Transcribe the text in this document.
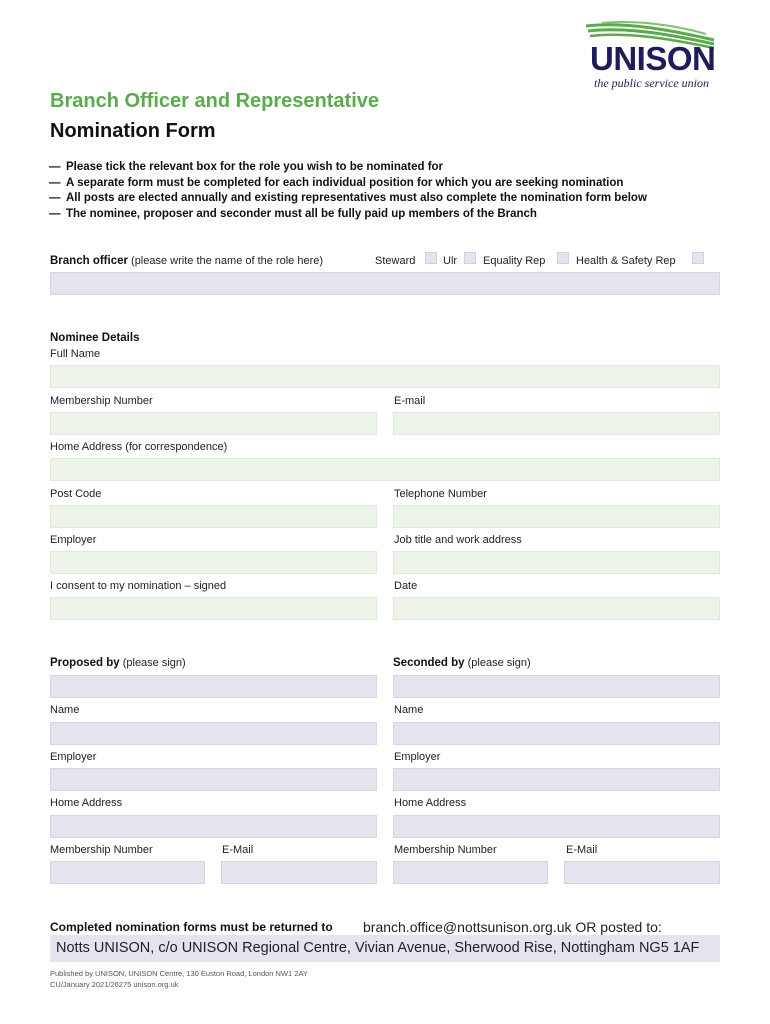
UNISON
the public service union
Branch Officer and Representative
Nomination Form
— Please tick the relevant box for the role you wish to be nominated for
— A separate form must be completed for each individual position for which you are seeking nomination
— All posts are elected annually and existing representatives must also complete the nomination form below
— The nominee, proposer and seconder must all be fully paid up members of the Branch
Branch officer (please write the name of the role here)	Steward	Ulr Equality Rep	Health & Safety Rep
Nominee Details
Full Name
Membership Number	E-mail
Home Address (for correspondence)
Post Code	Telephone Number
Employer	Job title and work address
I consent to my nomination – signed	Date
Proposed by (please sign)	Seconded by (please sign)
Name	Name
Employer	Employer
Home Address	Home Address
Membership Number	E-Mail	Membership Number	E-Mail
Completed nomination forms must be returned to branch.office@nottsunison.org.uk OR posted to:
Notts UNISON, c/o UNISON Regional Centre, Vivian Avenue, Sherwood Rise, Nottingham NG5 1AF
Published by UNISON, UNISON Centre, 130 Euston Road, London NW1 2AY
CU/January 2021/26275 unison.org.uk
